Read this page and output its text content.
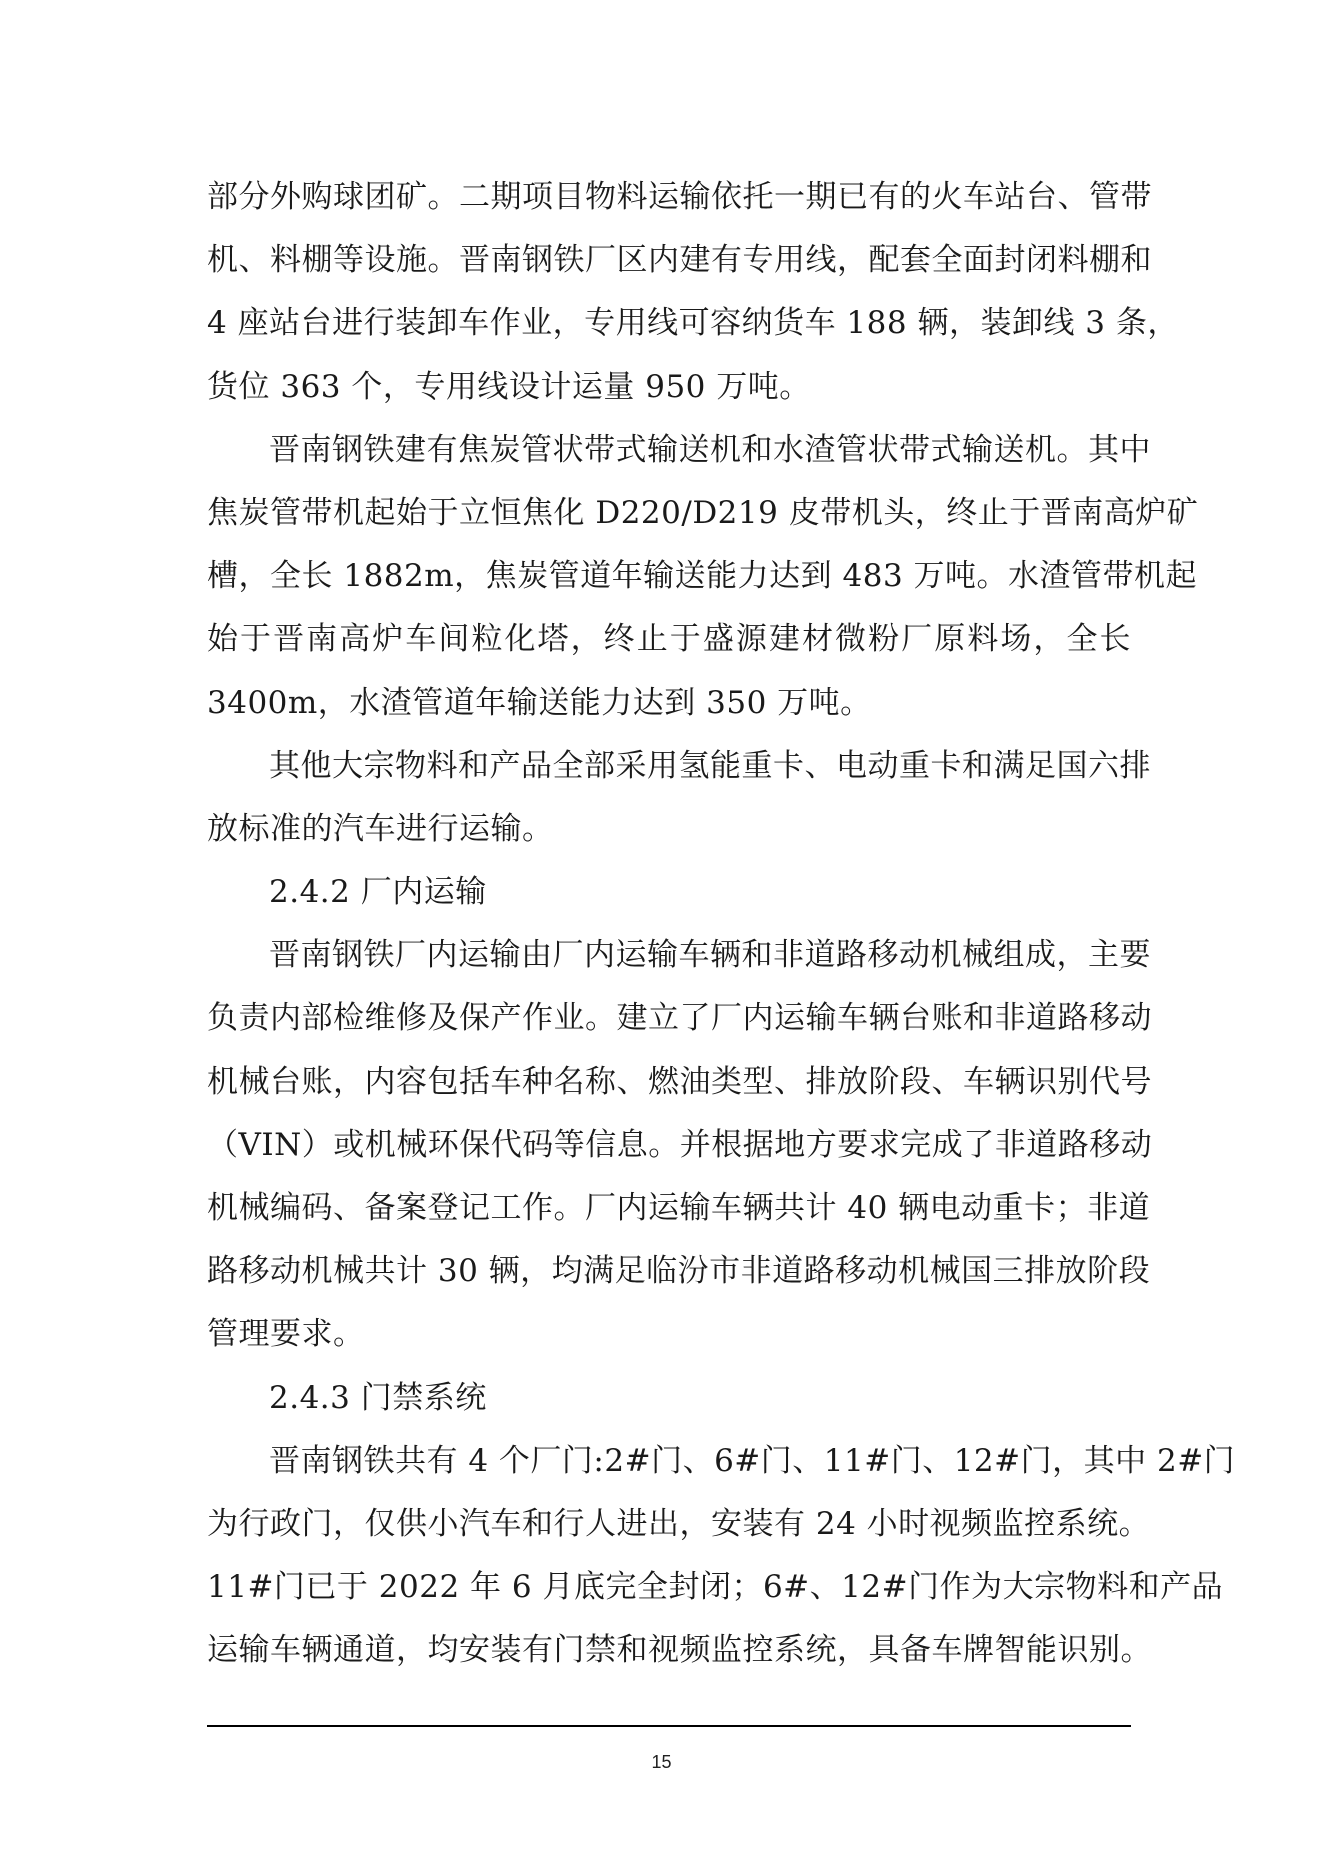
部分外购球团矿。二期项目物料运输依托一期已有的火车站台、管带
机、料棚等设施。晋南钢铁厂区内建有专用线，配套全面封闭料棚和
4 座站台进行装卸车作业，专用线可容纳货车 188 辆，装卸线 3 条，
货位 363 个，专用线设计运量 950 万吨。
晋南钢铁建有焦炭管状带式输送机和水渣管状带式输送机。其中
焦炭管带机起始于立恒焦化 D220/D219 皮带机头，终止于晋南高炉矿
槽，全长 1882m，焦炭管道年输送能力达到 483 万吨。水渣管带机起
始于晋南高炉车间粒化塔，终止于盛源建材微粉厂原料场，全长
3400m，水渣管道年输送能力达到 350 万吨。
其他大宗物料和产品全部采用氢能重卡、电动重卡和满足国六排
放标准的汽车进行运输。
2.4.2 厂内运输
晋南钢铁厂内运输由厂内运输车辆和非道路移动机械组成，主要
负责内部检维修及保产作业。建立了厂内运输车辆台账和非道路移动
机械台账，内容包括车种名称、燃油类型、排放阶段、车辆识别代号
（VIN）或机械环保代码等信息。并根据地方要求完成了非道路移动
机械编码、备案登记工作。厂内运输车辆共计 40 辆电动重卡；非道
路移动机械共计 30 辆，均满足临汾市非道路移动机械国三排放阶段
管理要求。
2.4.3 门禁系统
晋南钢铁共有 4 个厂门:2#门、6#门、11#门、12#门，其中 2#门
为行政门，仅供小汽车和行人进出，安装有 24 小时视频监控系统。
11#门已于 2022 年 6 月底完全封闭；6#、12#门作为大宗物料和产品
运输车辆通道，均安装有门禁和视频监控系统，具备车牌智能识别。
15
